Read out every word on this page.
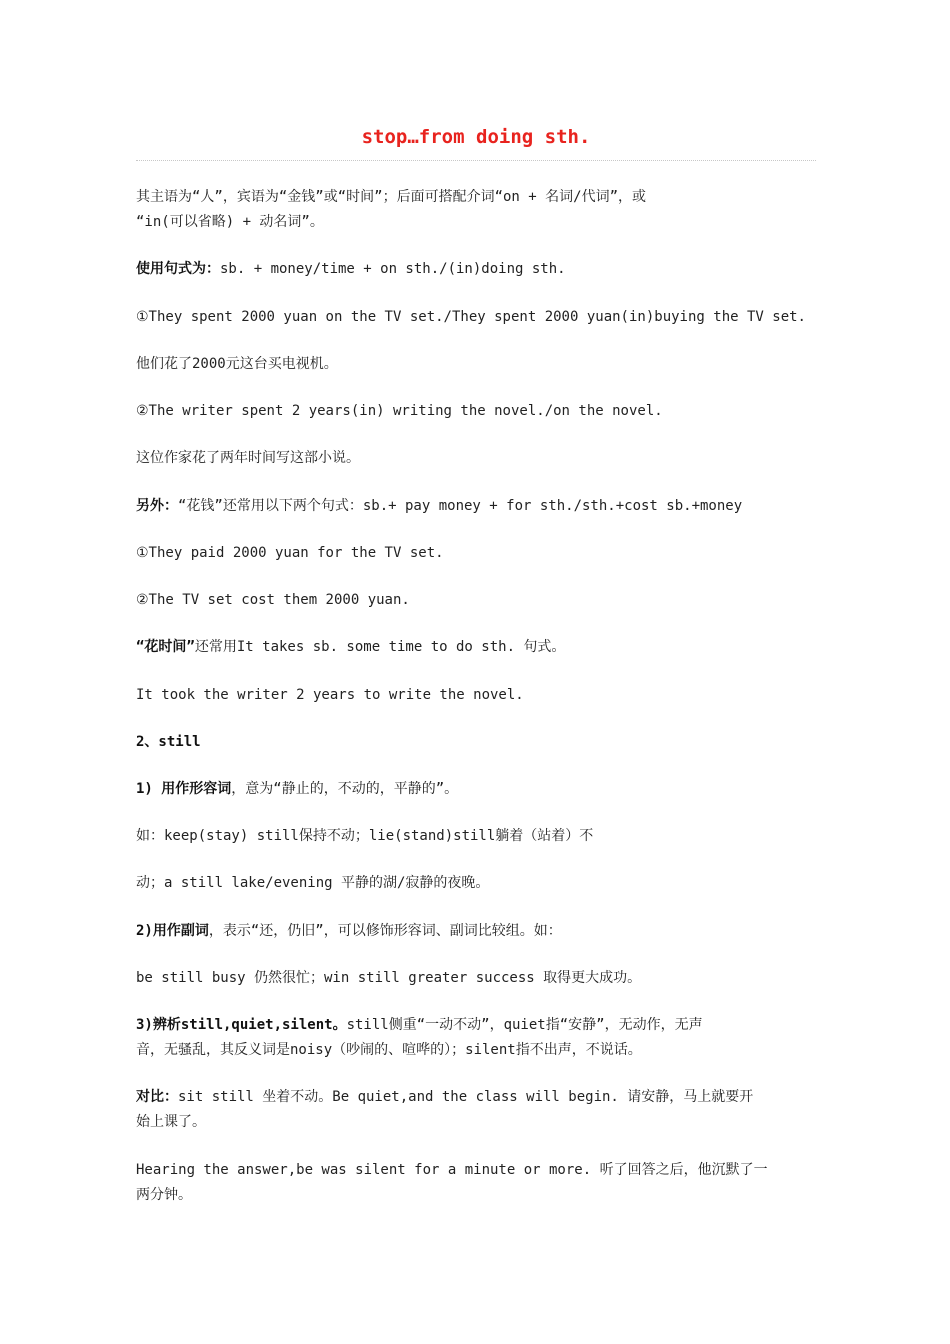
stop…from doing sth.
其主语为“人”，宾语为“金钱”或“时间”；后面可搭配介词“on + 名词/代词”，或
“in(可以省略) + 动名词”。
使用句式为：sb. + money/time + on sth./(in)doing sth.
①They spent 2000 yuan on the TV set./They spent 2000 yuan(in)buying the TV set.
他们花了2000元这台买电视机。
②The writer spent 2 years(in) writing the novel./on the novel.
这位作家花了两年时间写这部小说。
另外：“花钱”还常用以下两个句式：sb.+ pay money + for sth./sth.+cost sb.+money
①They paid 2000 yuan for the TV set.
②The TV set cost them 2000 yuan.
“花时间”还常用It takes sb. some time to do sth. 句式。
It took the writer 2 years to write the novel.
2、still
1) 用作形容词，意为“静止的，不动的，平静的”。
如：keep(stay) still保持不动；lie(stand)still躺着（站着）不
动；a still lake/evening 平静的湖/寂静的夜晚。
2)用作副词，表示“还，仍旧”，可以修饰形容词、副词比较组。如：
be still busy 仍然很忙；win still greater success 取得更大成功。
3)辨析still,quiet,silent。still侧重“一动不动”，quiet指“安静”，无动作，无声
音，无骚乱，其反义词是noisy（吵闹的、喧哗的）；silent指不出声，不说话。
对比：sit still 坐着不动。Be quiet,and the class will begin. 请安静，马上就要开
始上课了。
Hearing the answer,be was silent for a minute or more. 听了回答之后，他沉默了一
两分钟。
